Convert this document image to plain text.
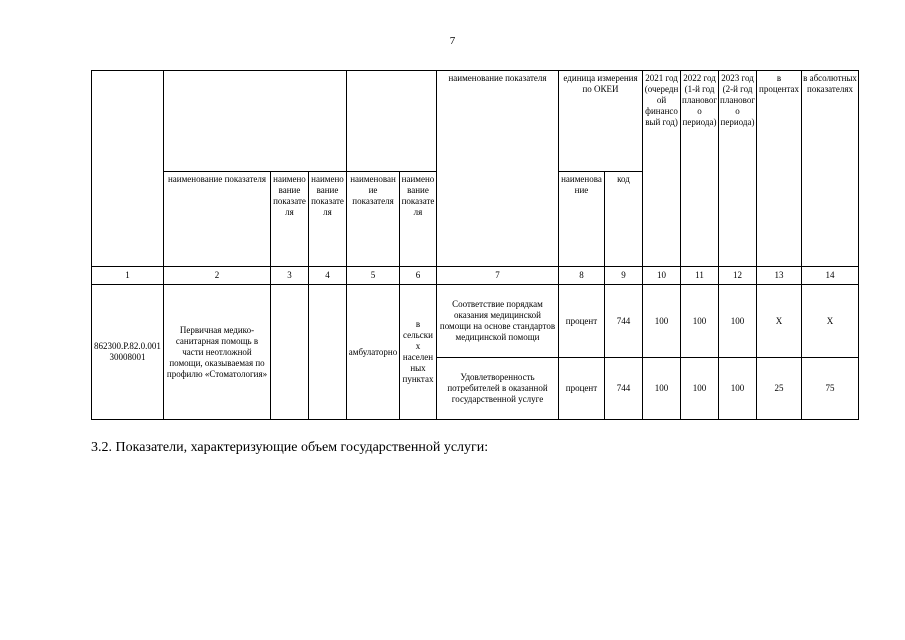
7
						наименование показателя	единица измерения по ОКЕИ		2021 год (очередной финансовый год)	2022 год (1-й год планового периода)	2023 год (2-й год планового периода)	в процентах	в абсолютных показателях
	наименование показателя	наименование показателя	наименование показателя	наименование показателя	наименование показателя		наименование	код					
1	2	3	4	5	6	7	8	9	10	11	12	13	14
862300.Р.82.0.00130008001	Первичная медико-санитарная помощь в части неотложной помощи, оказываемая по профилю «Стоматология»			амбулаторно	в сельских населенных пунктах	Соответствие порядкам оказания медицинской помощи на основе стандартов медицинской помощи	процент	744	100	100	100	Х	Х
						Удовлетворенность потребителей в оказанной государственной услуге	процент	744	100	100	100	25	75
3.2. Показатели, характеризующие объем государственной услуги:
